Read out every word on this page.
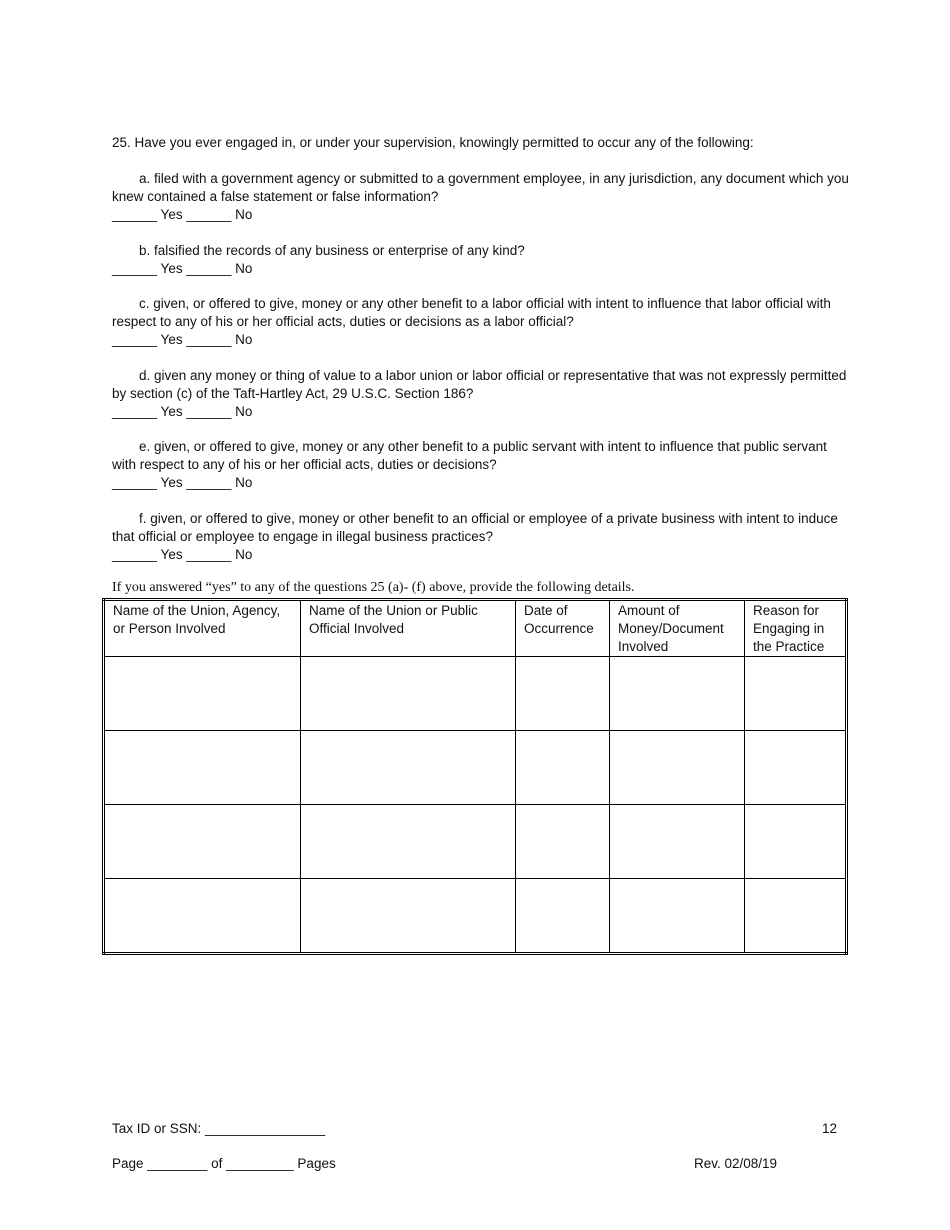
25. Have you ever engaged in, or under your supervision, knowingly permitted to occur any of the following:
a. filed with a government agency or submitted to a government employee, in any jurisdiction, any document which you knew contained a false statement or false information?
______ Yes ______ No
b. falsified the records of any business or enterprise of any kind?
______ Yes ______ No
c. given, or offered to give, money or any other benefit to a labor official with intent to influence that labor official with respect to any of his or her official acts, duties or decisions as a labor official?
______ Yes ______ No
d. given any money or thing of value to a labor union or labor official or representative that was not expressly permitted by section (c) of the Taft-Hartley Act, 29 U.S.C. Section 186?
______ Yes ______ No
e. given, or offered to give, money or any other benefit to a public servant with intent to influence that public servant with respect to any of his or her official acts, duties or decisions?
______ Yes ______ No
f. given, or offered to give, money or other benefit to an official or employee of a private business with intent to induce that official or employee to engage in illegal business practices?
______ Yes ______ No
If you answered “yes” to any of the questions 25 (a)- (f) above, provide the following details.
Name of the Union, Agency, or Person Involved	Name of the Union or Public Official Involved	Date of Occurrence	Amount of Money/Document Involved	Reason for Engaging in the Practice

Tax ID or SSN: ________________	12
Page ________ of _________ Pages	Rev. 02/08/19
